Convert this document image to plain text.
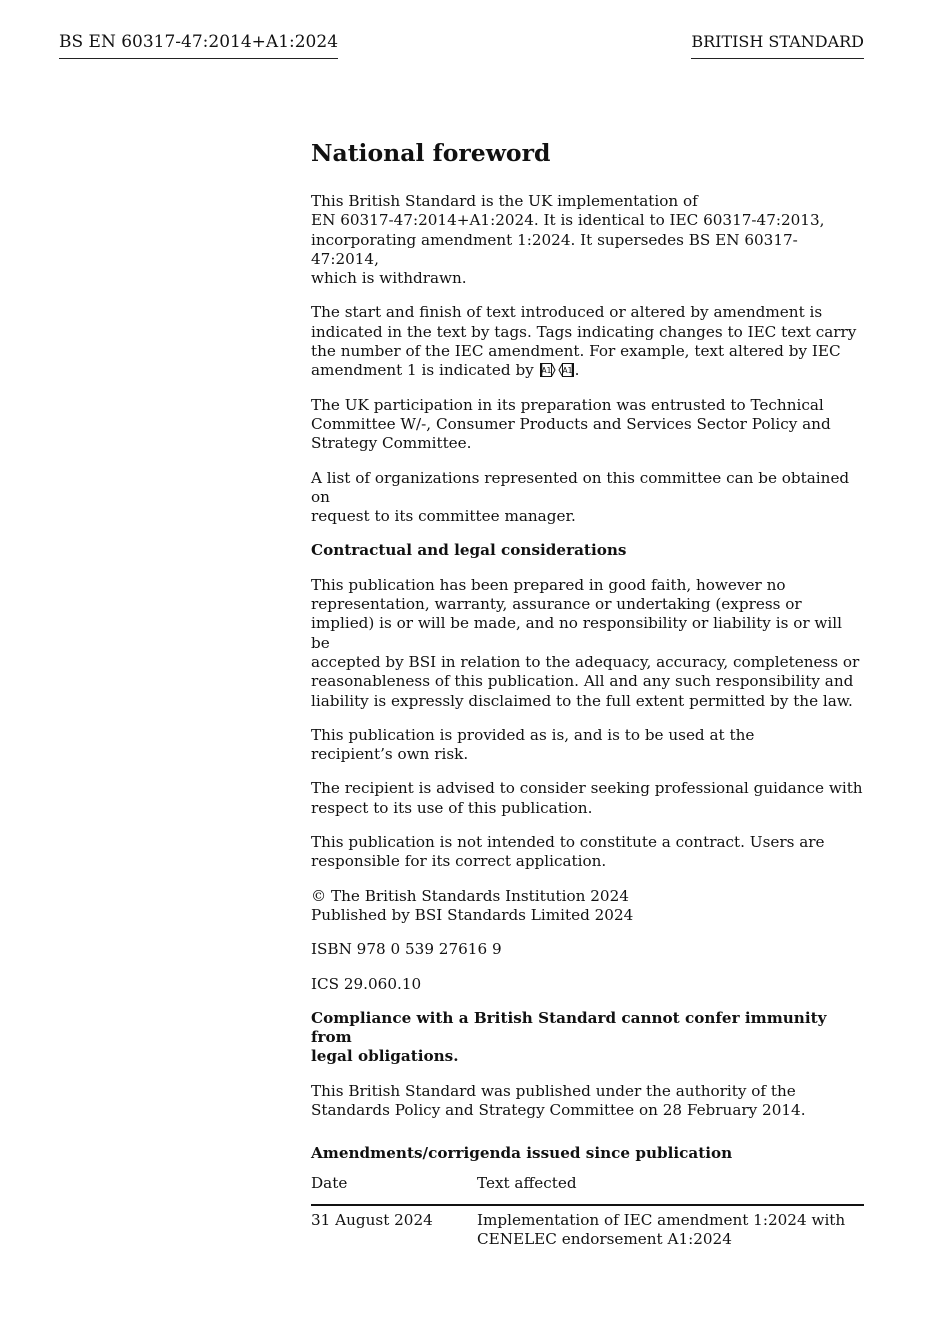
BS EN 60317-47:2014+A1:2024	BRITISH STANDARD
National foreword
This British Standard is the UK implementation of
EN 60317-47:2014+A1:2024. It is identical to IEC 60317-47:2013,
incorporating amendment 1:2024. It supersedes BS EN 60317-47:2014,
which is withdrawn.
The start and finish of text introduced or altered by amendment is
indicated in the text by tags. Tags indicating changes to IEC text carry
the number of the IEC amendment. For example, text altered by IEC
amendment 1 is indicated by A1 A1 .
The UK participation in its preparation was entrusted to Technical
Committee W/-, Consumer Products and Services Sector Policy and
Strategy Committee.
A list of organizations represented on this committee can be obtained on
request to its committee manager.
Contractual and legal considerations
This publication has been prepared in good faith, however no
representation, warranty, assurance or undertaking (express or
implied) is or will be made, and no responsibility or liability is or will be
accepted by BSI in relation to the adequacy, accuracy, completeness or
reasonableness of this publication. All and any such responsibility and
liability is expressly disclaimed to the full extent permitted by the law.
This publication is provided as is, and is to be used at the
recipient’s own risk.
The recipient is advised to consider seeking professional guidance with
respect to its use of this publication.
This publication is not intended to constitute a contract. Users are
responsible for its correct application.
© The British Standards Institution 2024
Published by BSI Standards Limited 2024
ISBN 978 0 539 27616 9
ICS 29.060.10
Compliance with a British Standard cannot confer immunity from
legal obligations.
This British Standard was published under the authority of the
Standards Policy and Strategy Committee on 28 February 2014.
Amendments/corrigenda issued since publication
Date	Text affected
31 August 2024	Implementation of IEC amendment 1:2024 with
CENELEC endorsement A1:2024
